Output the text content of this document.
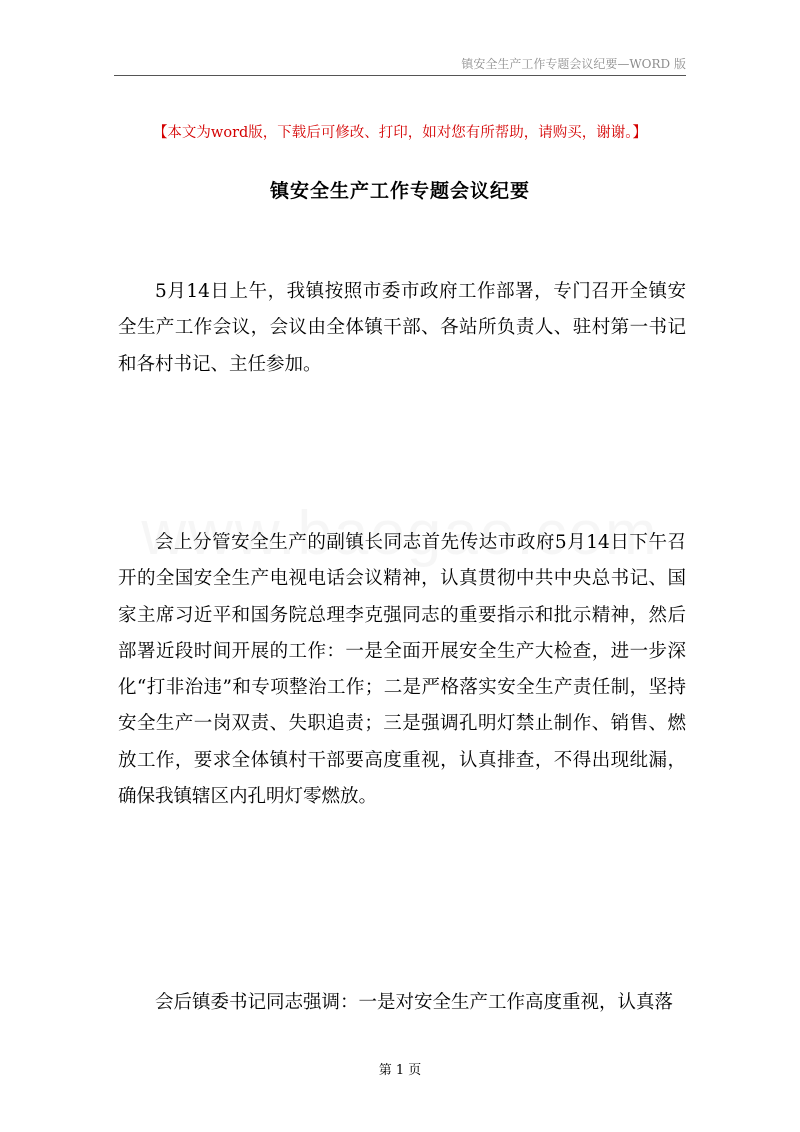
镇安全生产工作专题会议纪要—WORD 版
【本文为word版，下载后可修改、打印，如对您有所帮助，请购买，谢谢。】
镇安全生产工作专题会议纪要

5月14日上午，我镇按照市委市政府工作部署，专门召开全镇安全生产工作会议，会议由全体镇干部、各站所负责人、驻村第一书记和各村书记、主任参加。

会上分管安全生产的副镇长同志首先传达市政府5月14日下午召开的全国安全生产电视电话会议精神，认真贯彻中共中央总书记、国家主席习近平和国务院总理李克强同志的重要指示和批示精神，然后部署近段时间开展的工作：一是全面开展安全生产大检查，进一步深化“打非治违”和专项整治工作；二是严格落实安全生产责任制，坚持安全生产一岗双责、失职追责；三是强调孔明灯禁止制作、销售、燃放工作，要求全体镇村干部要高度重视，认真排查，不得出现纰漏，确保我镇辖区内孔明灯零燃放。

会后镇委书记同志强调：一是对安全生产工作高度重视，认真落

第 1 页
